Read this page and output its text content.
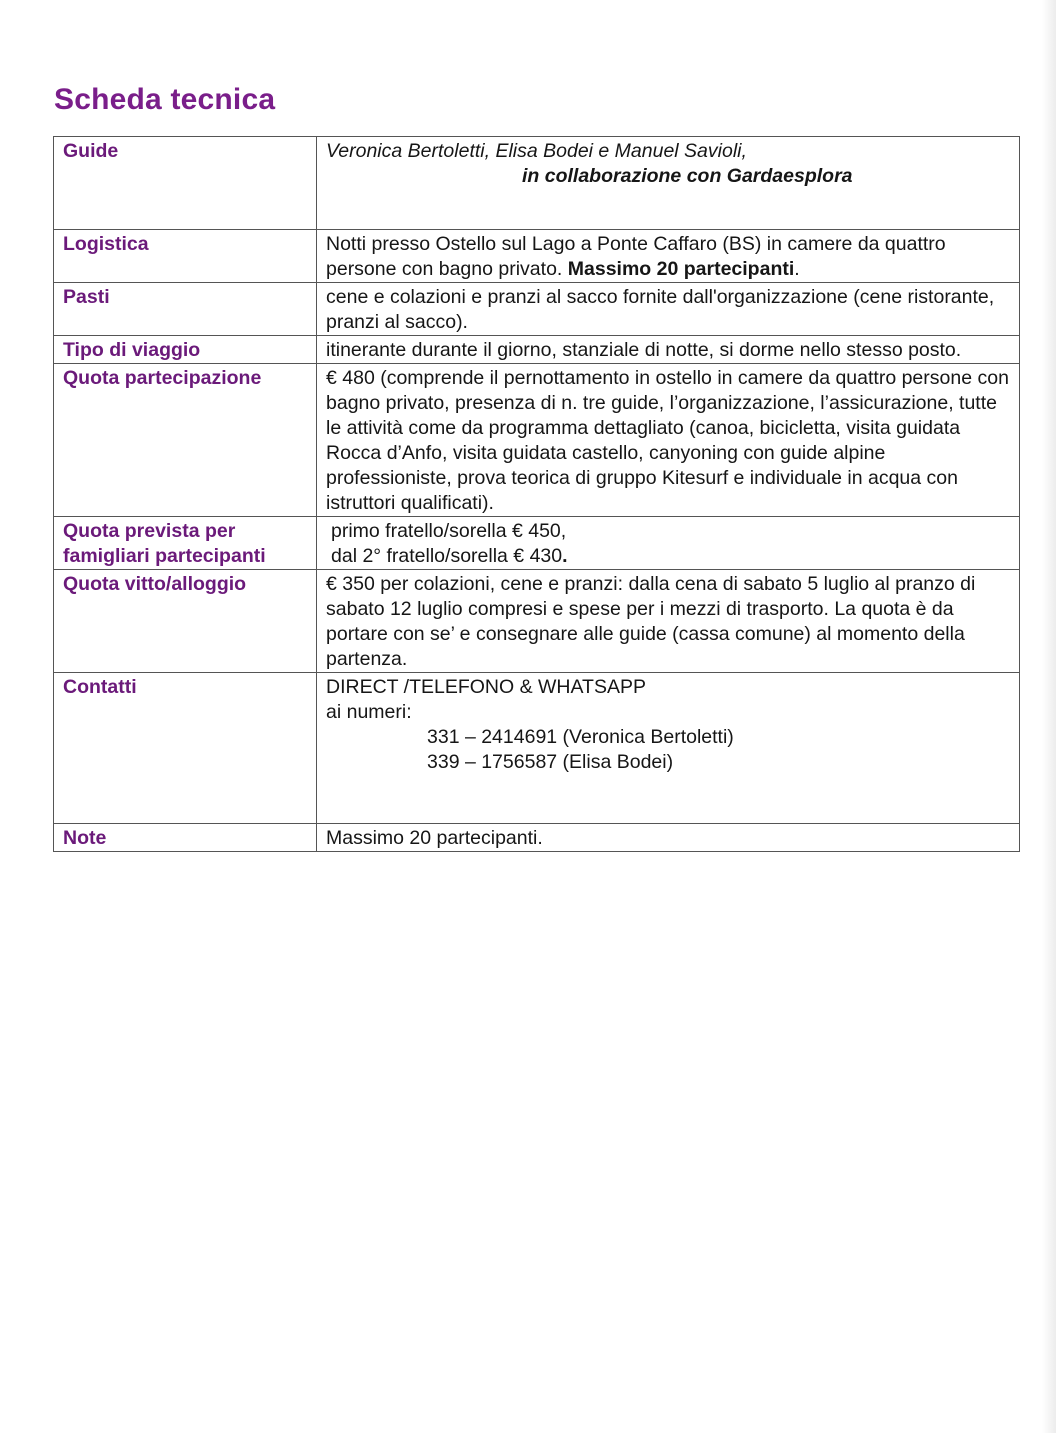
Scheda tecnica
Guide	Veronica Bertoletti, Elisa Bodei e Manuel Savioli,
in collaborazione con Gardaesplora

Logistica	Notti presso Ostello sul Lago a Ponte Caffaro (BS) in camere da quattro persone con bagno privato. Massimo 20 partecipanti.
Pasti	cene e colazioni e pranzi al sacco fornite dall'organizzazione (cene ristorante, pranzi al sacco).
Tipo di viaggio	itinerante durante il giorno, stanziale di notte, si dorme nello stesso posto.
Quota partecipazione	€ 480 (comprende il pernottamento in ostello in camere da quattro persone con bagno privato, presenza di n. tre guide, l’organizzazione, l’assicurazione, tutte le attività come da programma dettagliato (canoa, bicicletta, visita guidata Rocca d’Anfo, visita guidata castello, canyoning con guide alpine professioniste, prova teorica di gruppo Kitesurf e individuale in acqua con istruttori qualificati).
Quota prevista per famigliari partecipanti	primo fratello/sorella € 450,
dal 2° fratello/sorella € 430.

Quota vitto/alloggio	€ 350 per colazioni, cene e pranzi: dalla cena di sabato 5 luglio al pranzo di sabato 12 luglio compresi e spese per i mezzi di trasporto. La quota è da portare con se’ e consegnare alle guide (cassa comune) al momento della partenza.
Contatti	DIRECT /TELEFONO & WHATSAPP
ai numeri:
331 – 2414691 (Veronica Bertoletti)
339 – 1756587 (Elisa Bodei)

Note	Massimo 20 partecipanti.
